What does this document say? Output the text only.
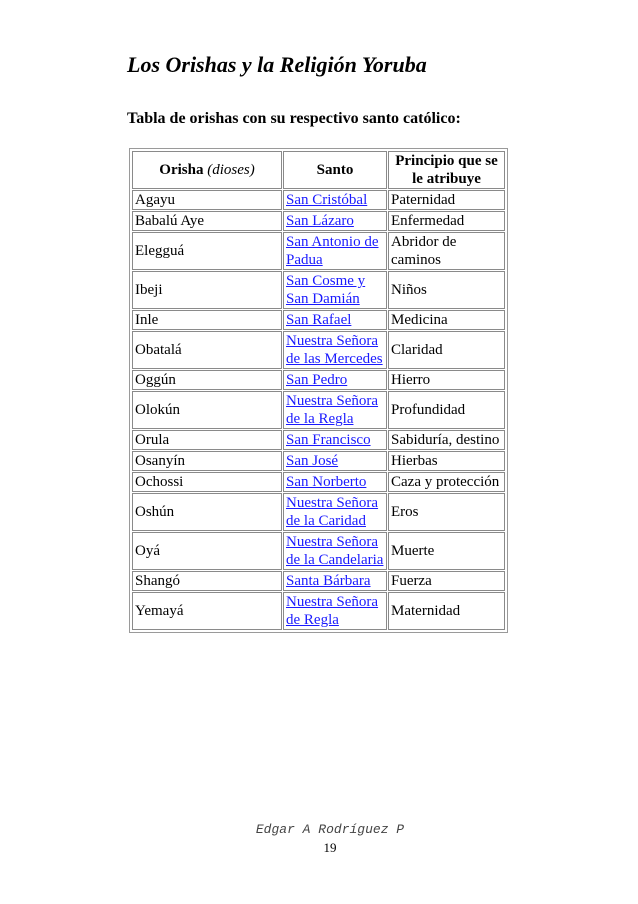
Los Orishas y la Religión Yoruba

Tabla de orishas con su respectivo santo católico:

Orisha (dioses)	Santo	Principio que se le atribuye
Agayu	San Cristóbal	Paternidad
Babalú Aye	San Lázaro	Enfermedad
Elegguá	San Antonio de Padua	Abridor de caminos
Ibeji	San Cosme y San Damián	Niños
Inle	San Rafael	Medicina
Obatalá	Nuestra Señora de las Mercedes	Claridad
Oggún	San Pedro	Hierro
Olokún	Nuestra Señora de la Regla	Profundidad
Orula	San Francisco	Sabiduría, destino
Osanyín	San José	Hierbas
Ochossi	San Norberto	Caza y protección
Oshún	Nuestra Señora de la Caridad	Eros
Oyá	Nuestra Señora de la Candelaria	Muerte
Shangó	Santa Bárbara	Fuerza
Yemayá	Nuestra Señora de Regla	Maternidad
Edgar A Rodríguez P
19
